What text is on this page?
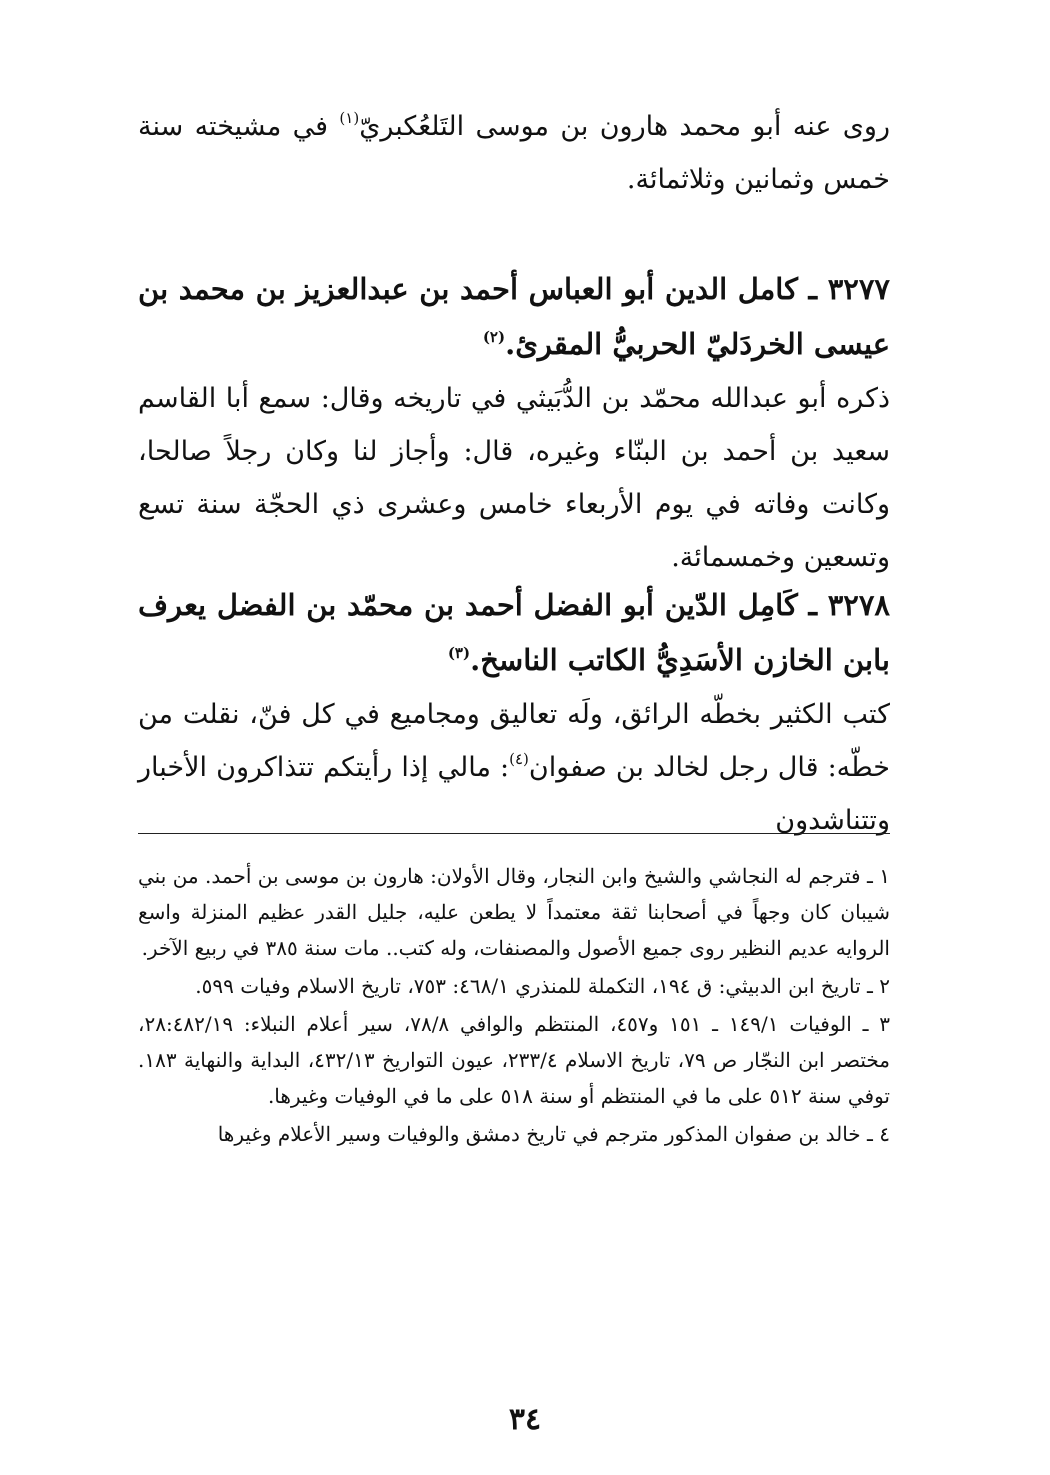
روى عنه أبو محمد هارون بن موسى التَلعُكبريّ$^{(١)}$ في مشيخته سنة خمس وثمانين وثلاثمائة.

٣٢٧٧ ـ كامل الدين أبو العباس أحمد بن عبدالعزيز بن محمد بن عيسى الخردَليّ الحربيُّ المقرئ.$^{(٢)}$

ذكره أبو عبدالله محمّد بن الدُّبَيثي في تاريخه وقال: سمع أبا القاسم سعيد بن أحمد بن البنّاء وغيره، قال: وأجاز لنا وكان رجلاً صالحا، وكانت وفاته في يوم الأربعاء خامس وعشرى ذي الحجّة سنة تسع وتسعين وخمسمائة.

٣٢٧٨ ـ كَامِل الدّين أبو الفضل أحمد بن محمّد بن الفضل يعرف بابن الخازن الأسَدِيُّ الكاتب الناسخ.$^{(٣)}$

كتب الكثير بخطّه الرائق، ولَه تعاليق ومجاميع في كل فنّ، نقلت من خطّه: قال رجل لخالد بن صفوان$^{(٤)}$: مالي إذا رأيتكم تتذاكرون الأخبار وتتناشدون

١ ـ فترجم له النجاشي والشيخ وابن النجار، وقال الأولان: هارون بن موسى بن أحمد. من بني شيبان كان وجهاً في أصحابنا ثقة معتمداً لا يطعن عليه، جليل القدر عظيم المنزلة واسع الروايه عديم النظير روى جميع الأصول والمصنفات، وله كتب.. مات سنة ٣٨٥ في ربيع الآخر.

٢ ـ تاريخ ابن الدبيثي: ق ١٩٤، التكملة للمنذري ٤٦٨/١: ٧٥٣، تاريخ الاسلام وفيات ٥٩٩.

٣ ـ الوفيات ١٤٩/١ ـ ١٥١ و٤٥٧، المنتظم والوافي ٧٨/٨، سير أعلام النبلاء: ٢٨:٤٨٢/١٩، مختصر ابن النجّار ص ٧٩، تاريخ الاسلام ٢٣٣/٤، عيون التواريخ ٤٣٢/١٣، البداية والنهاية ١٨٣. توفي سنة ٥١٢ على ما في المنتظم أو سنة ٥١٨ على ما في الوفيات وغيرها.

٤ ـ خالد بن صفوان المذكور مترجم في تاريخ دمشق والوفيات وسير الأعلام وغيرها

٣٤
